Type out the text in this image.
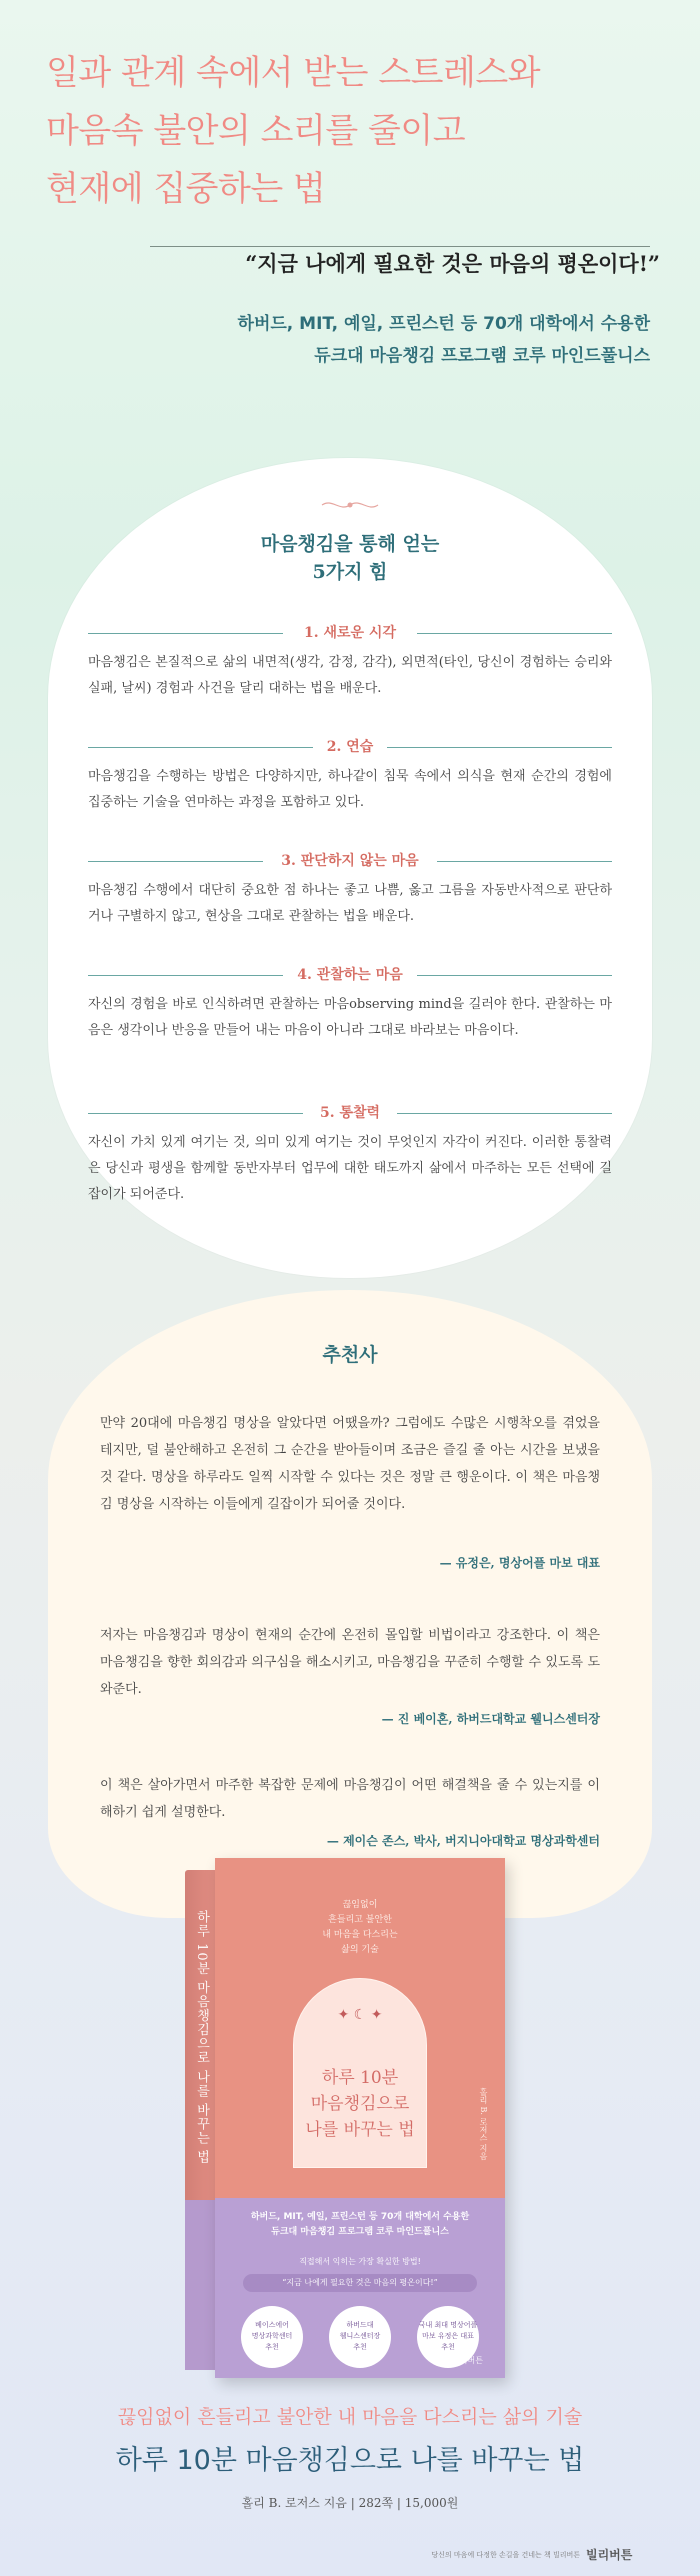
일과 관계 속에서 받는 스트레스와
마음속 불안의 소리를 줄이고
현재에 집중하는 법
“지금 나에게 필요한 것은 마음의 평온이다!”
하버드, MIT, 예일, 프린스턴 등 70개 대학에서 수용한
듀크대 마음챙김 프로그램 코루 마인드풀니스
마음챙김을 통해 얻는
5가지 힘
1. 새로운 시각
마음챙김은 본질적으로 삶의 내면적(생각, 감정, 감각), 외면적(타인, 당신이 경험하는 승리와 실패, 날씨) 경험과 사건을 달리 대하는 법을 배운다.
2. 연습
마음챙김을 수행하는 방법은 다양하지만, 하나같이 침묵 속에서 의식을 현재 순간의 경험에 집중하는 기술을 연마하는 과정을 포함하고 있다.
3. 판단하지 않는 마음
마음챙김 수행에서 대단히 중요한 점 하나는 좋고 나쁨, 옳고 그름을 자동반사적으로 판단하거나 구별하지 않고, 현상을 그대로 관찰하는 법을 배운다.
4. 관찰하는 마음
자신의 경험을 바로 인식하려면 관찰하는 마음observing mind을 길러야 한다. 관찰하는 마음은 생각이나 반응을 만들어 내는 마음이 아니라 그대로 바라보는 마음이다.
5. 통찰력
자신이 가치 있게 여기는 것, 의미 있게 여기는 것이 무엇인지 자각이 커진다. 이러한 통찰력은 당신과 평생을 함께할 동반자부터 업무에 대한 태도까지 삶에서 마주하는 모든 선택에 길잡이가 되어준다.
추천사
만약 20대에 마음챙김 명상을 알았다면 어땠을까? 그럼에도 수많은 시행착오를 겪었을 테지만, 덜 불안해하고 온전히 그 순간을 받아들이며 조금은 즐길 줄 아는 시간을 보냈을 것 같다. 명상을 하루라도 일찍 시작할 수 있다는 것은 정말 큰 행운이다. 이 책은 마음챙김 명상을 시작하는 이들에게 길잡이가 되어줄 것이다.
— 유정은, 명상어플 마보 대표
저자는 마음챙김과 명상이 현재의 순간에 온전히 몰입할 비법이라고 강조한다. 이 책은 마음챙김을 향한 회의감과 의구심을 해소시키고, 마음챙김을 꾸준히 수행할 수 있도록 도와준다.
— 진 베이혼, 하버드대학교 웰니스센터장
이 책은 살아가면서 마주한 복잡한 문제에 마음챙김이 어떤 해결책을 줄 수 있는지를 이해하기 쉽게 설명한다.
— 제이슨 존스, 박사, 버지니아대학교 명상과학센터
하루 10분 마음챙김으로 나를 바꾸는 법
끊임없이
흔들리고 불안한
내 마음을 다스리는
삶의 기술
✦ ☾ ✦
하루 10분
마음챙김으로
나를 바꾸는 법	홀리 B. 로저스 지음
하버드, MIT, 예일, 프린스턴 등 70개 대학에서 수용한
듀크대 마음챙김 프로그램 코루 마인드풀니스
직접해서 익히는 가장 확실한 방법!
“지금 나에게 필요한 것은 마음의 평온이다!”
베이스에어
명상과학센터
추천
하버드대
웰니스센터장
추천
국내 최대 명상어플
마보 유정은 대표
추천
빌리버튼
끊임없이 흔들리고 불안한 내 마음을 다스리는 삶의 기술
하루 10분 마음챙김으로 나를 바꾸는 법
홀리 B. 로저스 지음 | 282쪽 | 15,000원
당신의 마음에 다정한 손길을 건네는 책 빌리버튼 빌리버튼
